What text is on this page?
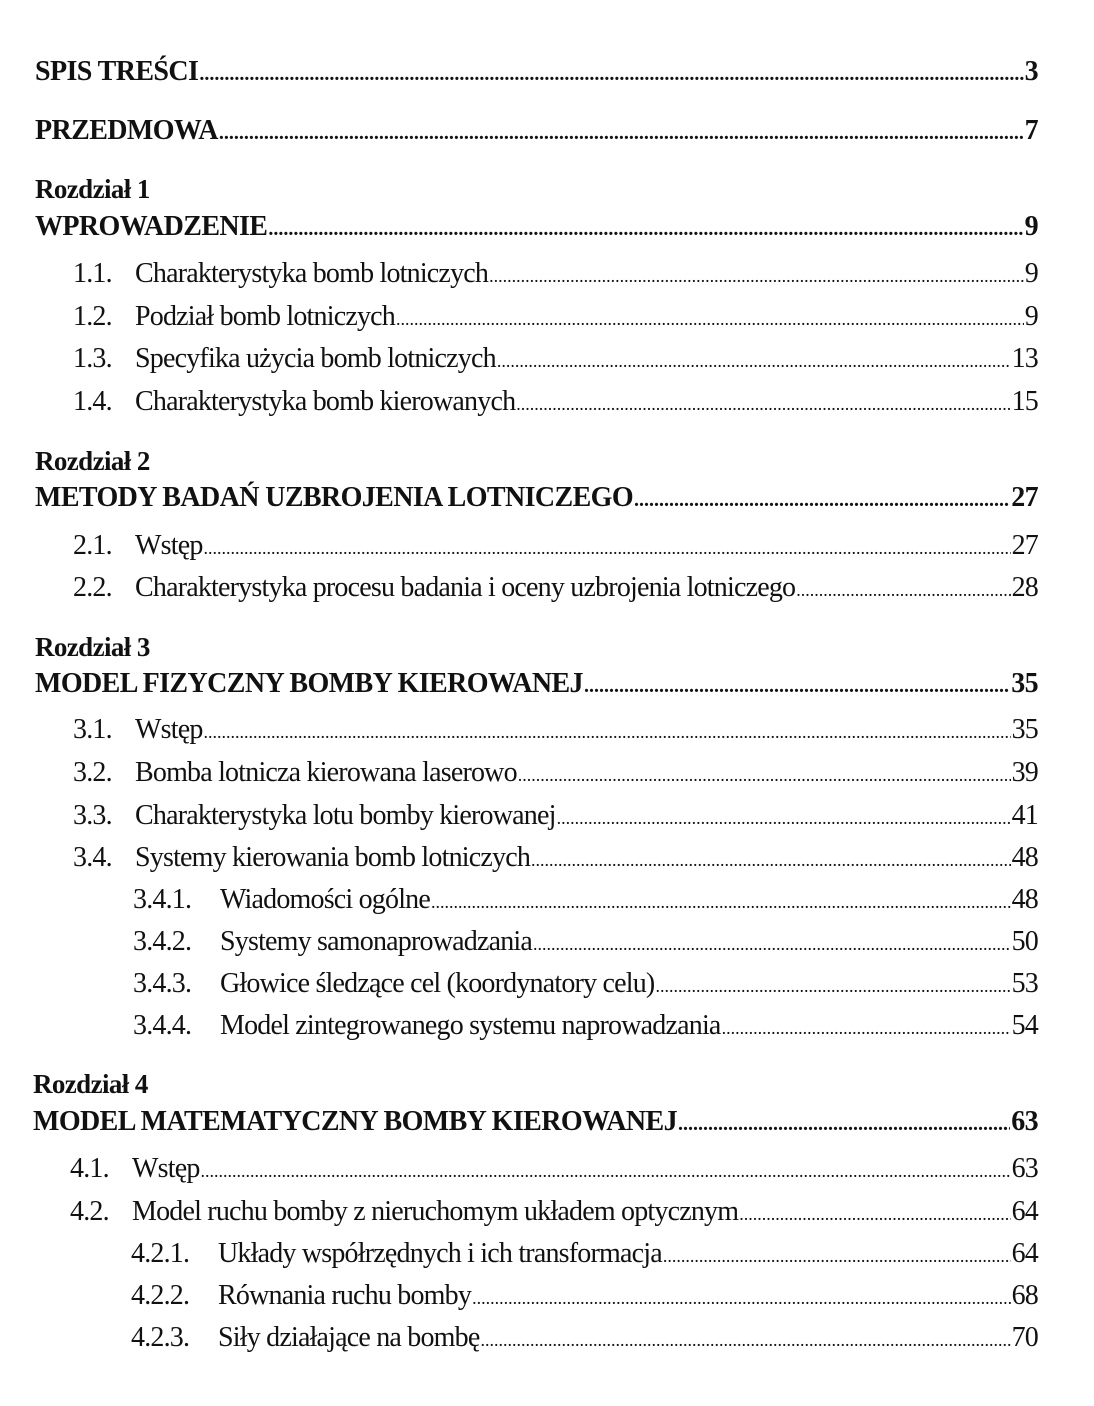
SPIS TREŚCI .....	3
PRZEDMOWA .....	7
Rozdział 1
WPROWADZENIE .....	9
1.1. Charakterystyka bomb lotniczych .....	9
1.2. Podział bomb lotniczych .....	9
1.3. Specyfika użycia bomb lotniczych .....	13
1.4. Charakterystyka bomb kierowanych .....	15
Rozdział 2
METODY BADAŃ UZBROJENIA LOTNICZEGO .....	27
2.1. Wstęp .....	27
2.2. Charakterystyka procesu badania i oceny uzbrojenia lotniczego .....	28
Rozdział 3
MODEL FIZYCZNY BOMBY KIEROWANEJ .....	35
3.1. Wstęp .....	35
3.2. Bomba lotnicza kierowana laserowo .....	39
3.3. Charakterystyka lotu bomby kierowanej .....	41
3.4. Systemy kierowania bomb lotniczych .....	48
3.4.1. Wiadomości ogólne .....	48
3.4.2. Systemy samonaprowadzania .....	50
3.4.3. Głowice śledzące cel (koordynatory celu) .....	53
3.4.4. Model zintegrowanego systemu naprowadzania .....	54
Rozdział 4
MODEL MATEMATYCZNY BOMBY KIEROWANEJ .....	63
4.1. Wstęp .....	63
4.2. Model ruchu bomby z nieruchomym układem optycznym .....	64
4.2.1. Układy współrzędnych i ich transformacja .....	64
4.2.2. Równania ruchu bomby .....	68
4.2.3. Siły działające na bombę .....	70
